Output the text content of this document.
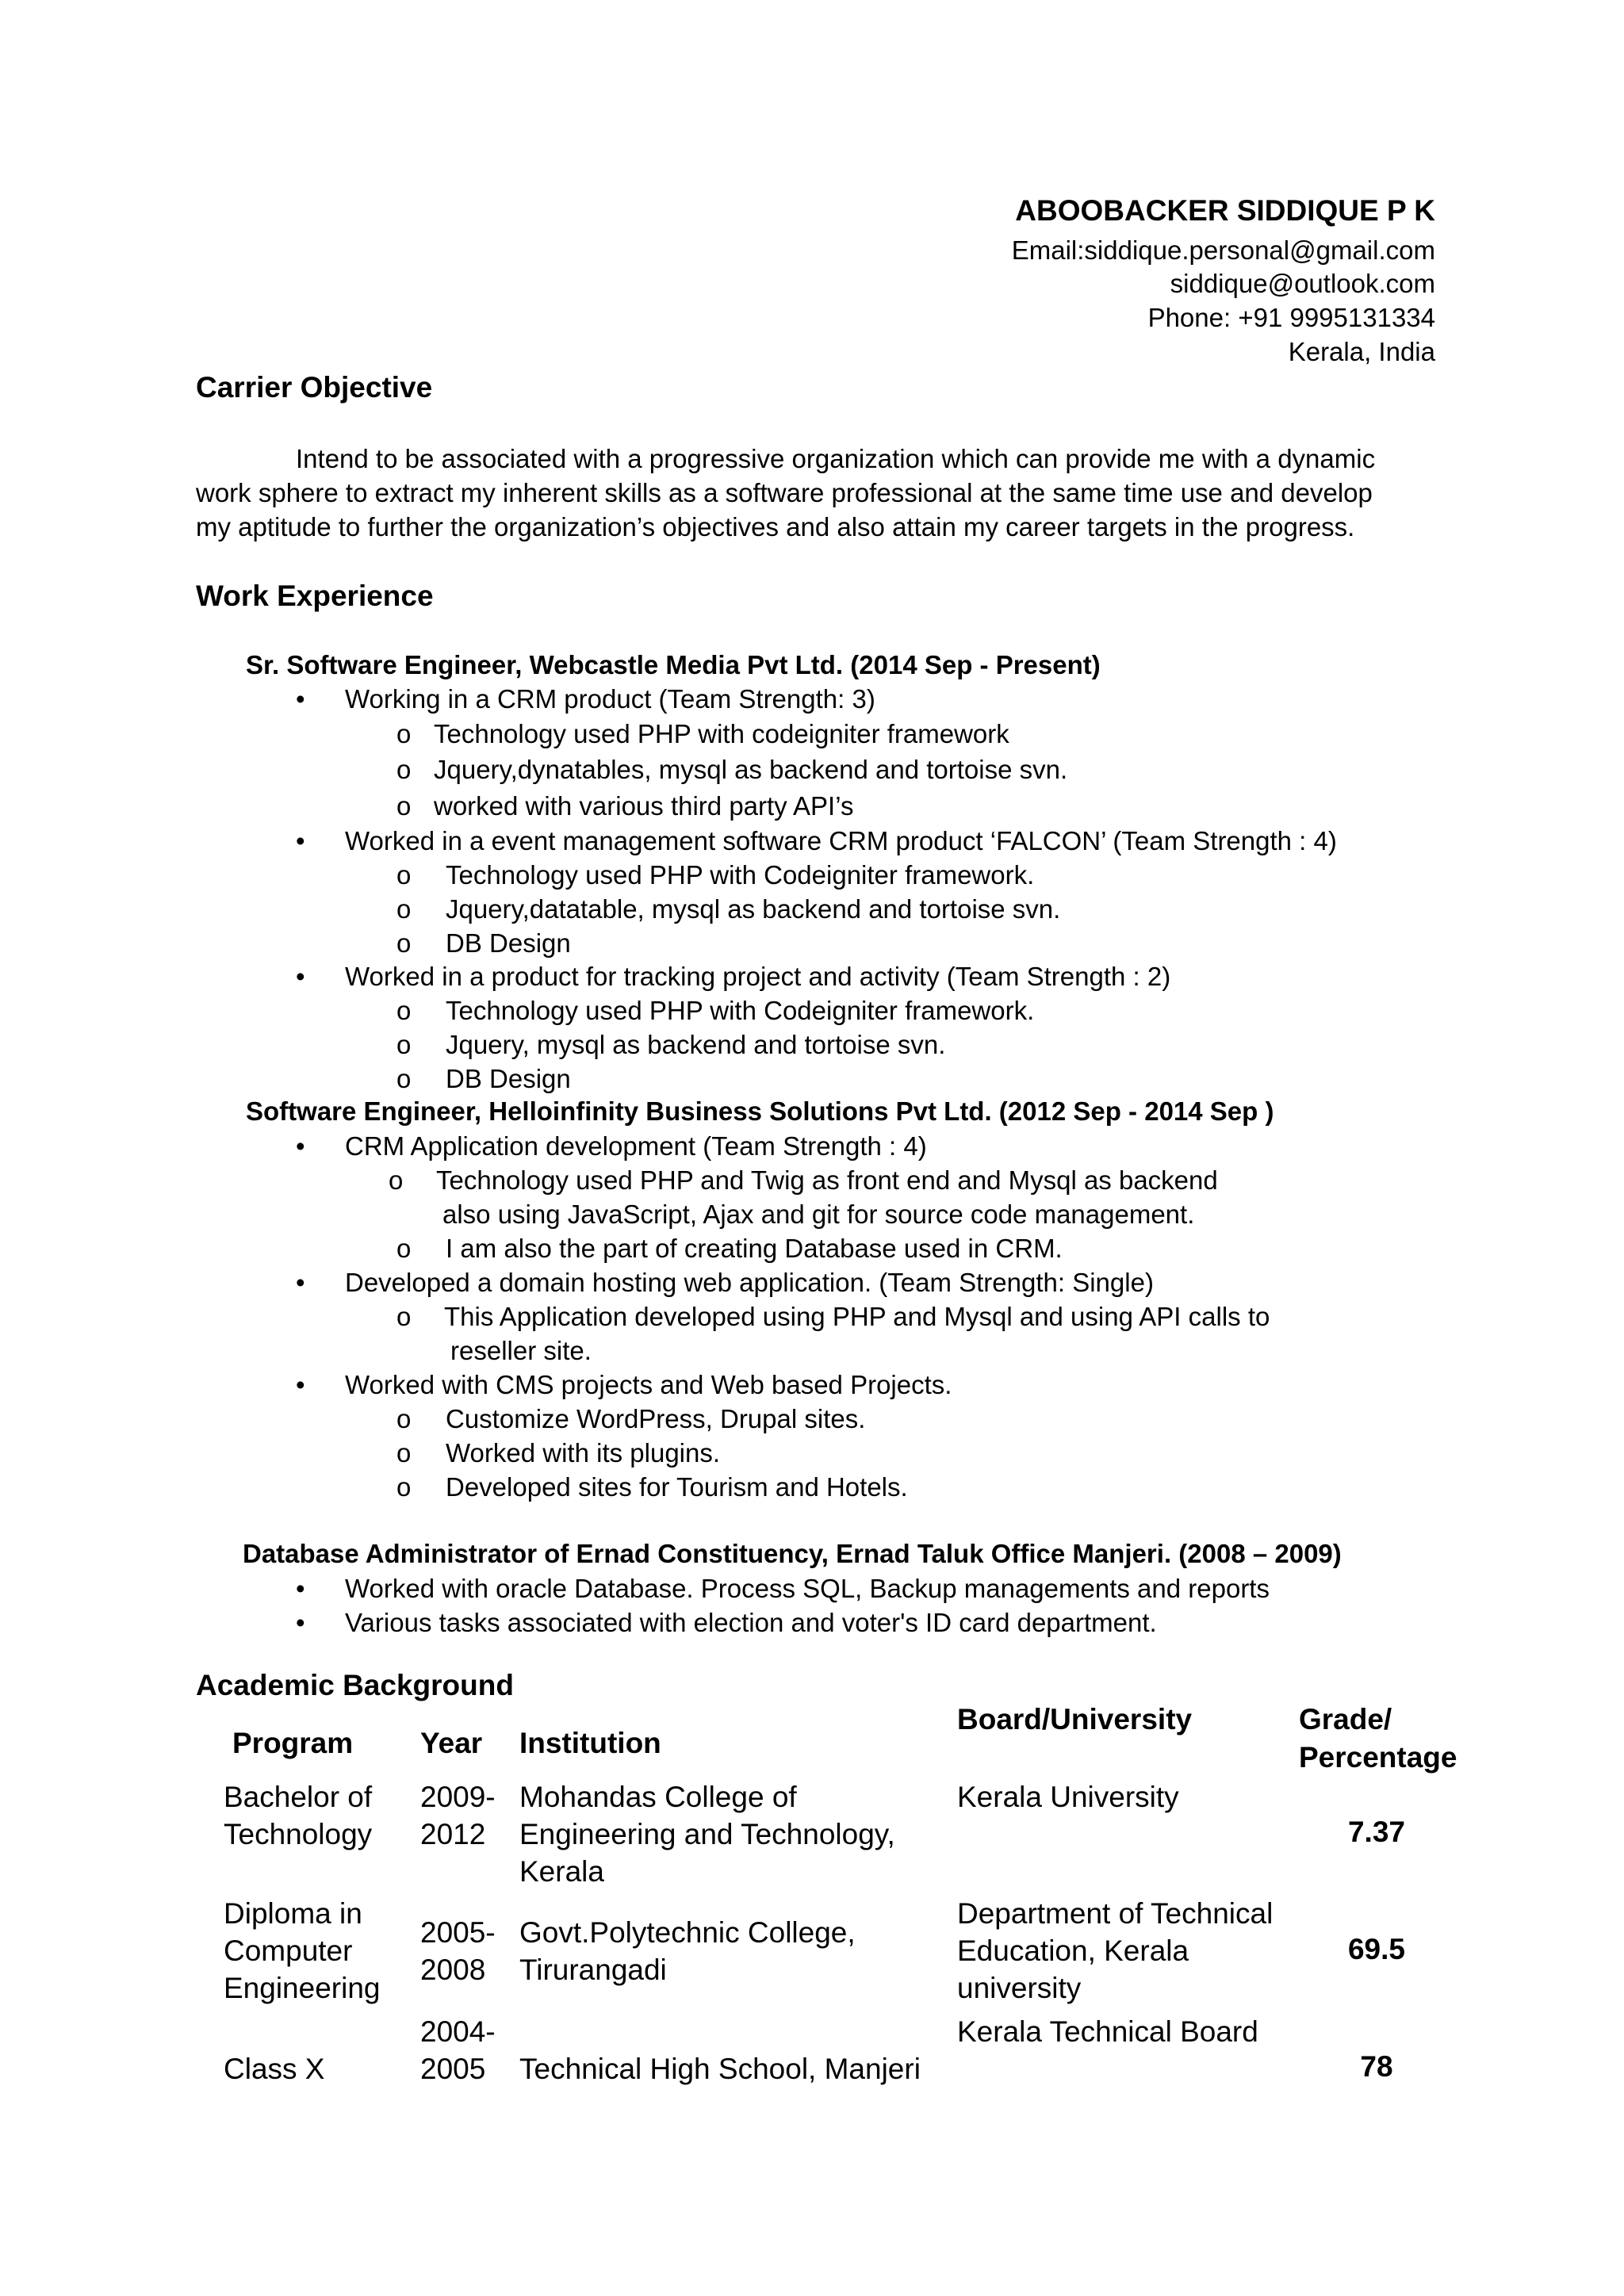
ABOOBACKER SIDDIQUE P K
Email:siddique.personal@gmail.com
siddique@outlook.com
Phone: +91 9995131334
Kerala, India
Carrier Objective
Intend to be associated with a progressive organization which can provide me with a dynamic
work sphere to extract my inherent skills as a software professional at the same time use and develop
my aptitude to further the organization’s objectives and also attain my career targets in the progress.
Work Experience
Sr. Software Engineer, Webcastle Media Pvt Ltd. (2014 Sep - Present)
• Working in a CRM product (Team Strength: 3)
o Technology used PHP with codeigniter framework
o Jquery,dynatables, mysql as backend and tortoise svn.
o worked with various third party API’s
• Worked in a event management software CRM product ‘FALCON’ (Team Strength : 4)
o Technology used PHP with Codeigniter framework.
o Jquery,datatable, mysql as backend and tortoise svn.
o DB Design
• Worked in a product for tracking project and activity (Team Strength : 2)
o Technology used PHP with Codeigniter framework.
o Jquery, mysql as backend and tortoise svn.
o DB Design
Software Engineer, Helloinfinity Business Solutions Pvt Ltd. (2012 Sep - 2014 Sep )
• CRM Application development (Team Strength : 4)
o Technology used PHP and Twig as front end and Mysql as backend
also using JavaScript, Ajax and git for source code management.
o I am also the part of creating Database used in CRM.
• Developed a domain hosting web application. (Team Strength: Single)
o This Application developed using PHP and Mysql and using API calls to
reseller site.
• Worked with CMS projects and Web based Projects.
o Customize WordPress, Drupal sites.
o Worked with its plugins.
o Developed sites for Tourism and Hotels.
Database Administrator of Ernad Constituency, Ernad Taluk Office Manjeri. (2008 – 2009)
• Worked with oracle Database. Process SQL, Backup managements and reports
• Various tasks associated with election and voter's ID card department.
Academic Background
Program Year Institution
Board/University	Grade/
Percentage
Bachelor of
Technology
2009-
2012
Mohandas College of
Engineering and Technology,
Kerala
Kerala University
7.37
Diploma in
Computer
Engineering
2005-
2008
Govt.Polytechnic College,
Tirurangadi
Department of Technical
Education, Kerala
university
69.5
Class X
2004-
2005	Technical High School, Manjeri
Kerala Technical Board
78
